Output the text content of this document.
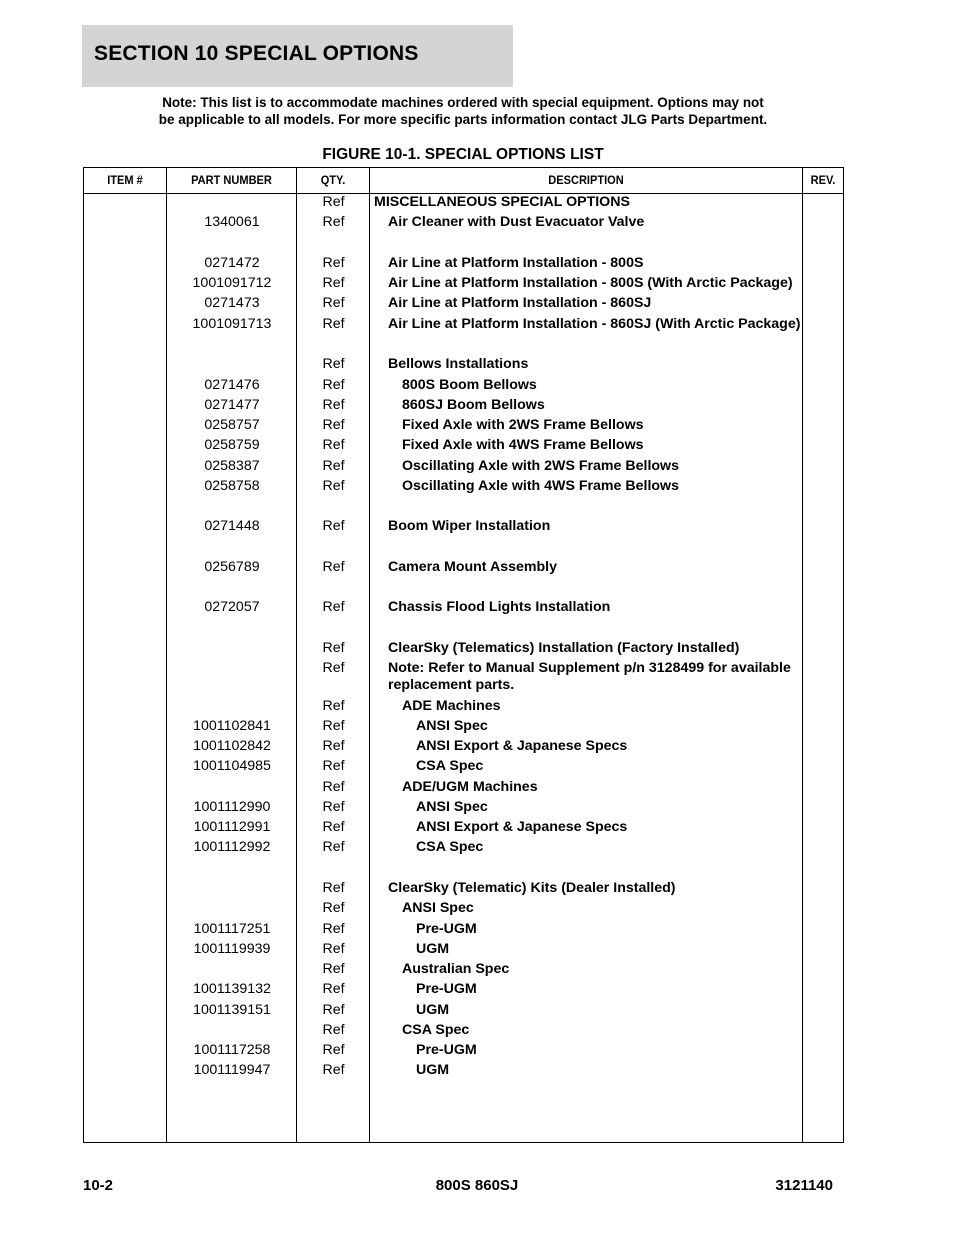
SECTION 10 SPECIAL OPTIONS
Note: This list is to accommodate machines ordered with special equipment. Options may not
be applicable to all models. For more specific parts information contact JLG Parts Department.
FIGURE 10-1. SPECIAL OPTIONS LIST
ITEM #	PART NUMBER	QTY.	DESCRIPTION	REV.
Ref	MISCELLANEOUS SPECIAL OPTIONS
1340061	Ref	Air Cleaner with Dust Evacuator Valve
0271472	Ref	Air Line at Platform Installation - 800S
1001091712	Ref	Air Line at Platform Installation - 800S (With Arctic Package)
0271473	Ref	Air Line at Platform Installation - 860SJ
1001091713	Ref	Air Line at Platform Installation - 860SJ (With Arctic Package)
Ref	Bellows Installations
0271476	Ref	800S Boom Bellows
0271477	Ref	860SJ Boom Bellows
0258757	Ref	Fixed Axle with 2WS Frame Bellows
0258759	Ref	Fixed Axle with 4WS Frame Bellows
0258387	Ref	Oscillating Axle with 2WS Frame Bellows
0258758	Ref	Oscillating Axle with 4WS Frame Bellows
0271448	Ref	Boom Wiper Installation
0256789	Ref	Camera Mount Assembly
0272057	Ref	Chassis Flood Lights Installation
Ref	ClearSky (Telematics) Installation (Factory Installed)
Ref	Note: Refer to Manual Supplement p/n 3128499 for available
replacement parts.
Ref	ADE Machines
1001102841	Ref	ANSI Spec
1001102842	Ref	ANSI Export & Japanese Specs
1001104985	Ref	CSA Spec
Ref	ADE/UGM Machines
1001112990	Ref	ANSI Spec
1001112991	Ref	ANSI Export & Japanese Specs
1001112992	Ref	CSA Spec
Ref	ClearSky (Telematic) Kits (Dealer Installed)
Ref	ANSI Spec
1001117251	Ref	Pre-UGM
1001119939	Ref	UGM
Ref	Australian Spec
1001139132	Ref	Pre-UGM
1001139151	Ref	UGM
Ref	CSA Spec
1001117258	Ref	Pre-UGM
1001119947	Ref	UGM
10-2	800S 860SJ	3121140
